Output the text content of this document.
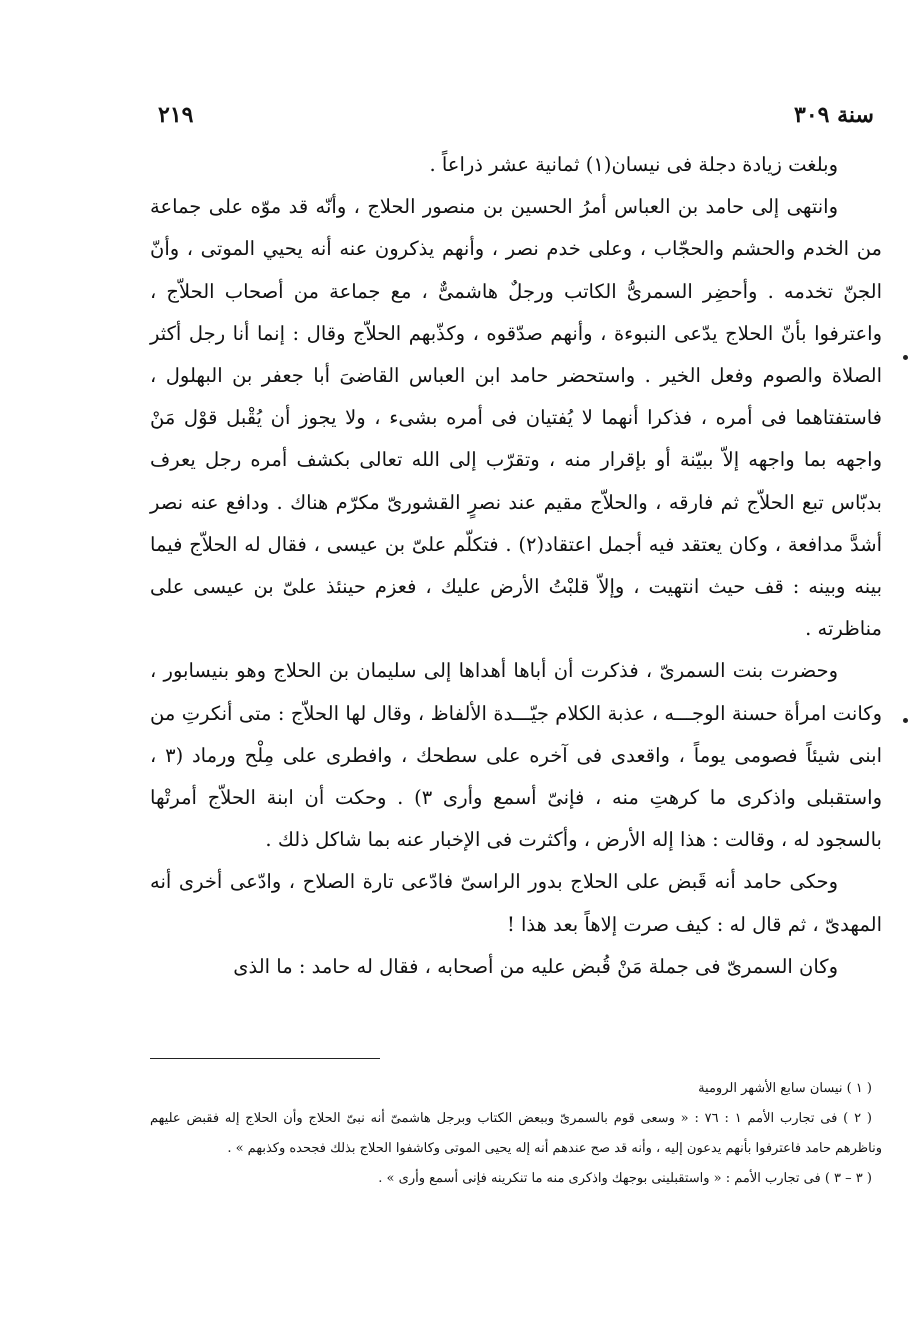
سنة ٣٠٩
٢١٩

وبلغت زيادة دجلة فى نيسان(١) ثمانية عشر ذراعاً .

وانتهى إلى حامد بن العباس أمرُ الحسين بن منصور الحلاج ، وأنّه قد موّه على جماعة من الخدم والحشم والحجّاب ، وعلى خدم نصر ، وأنهم يذكرون عنه أنه يحيي الموتى ، وأنّ الجنّ تخدمه . وأحضِر السمرىُّ الكاتب ورجلٌ هاشمىٌّ ، مع جماعة من أصحاب الحلاّج ، واعترفوا بأنّ الحلاج يدّعى النبوءة ، وأنهم صدّقوه ، وكذّبهم الحلاّج وقال : إنما أنا رجل أكثر الصلاة والصوم وفعل الخير . واستحضر حامد ابن العباس القاضىَ أبا جعفر بن البهلول ، فاستفتاهما فى أمره ، فذكرا أنهما لا يُفتيان فى أمره بشىء ، ولا يجوز أن يُقْبل قوْل مَنْ واجهه بما واجهه إلاّ ببيّنة أو بإقرار منه ، وتقرّب إلى الله تعالى بكشف أمره رجل يعرف بدبّاس تبع الحلاّج ثم فارقه ، والحلاّج مقيم عند نصرٍ القشورىّ مكرّم هناك . ودافع عنه نصر أشدَّ مدافعة ، وكان يعتقد فيه أجمل اعتقاد(٢) . فتكلّم علىّ بن عيسى ، فقال له الحلاّج فيما بينه وبينه : قف حيث انتهيت ، وإلاّ قلبْتُ الأرض عليك ، فعزم حينئذ علىّ بن عيسى على مناظرته .

وحضرت بنت السمرىّ ، فذكرت أن أباها أهداها إلى سليمان بن الحلاج وهو بنيسابور ، وكانت امرأة حسنة الوجـــه ، عذبة الكلام جيّـــدة الألفاظ ، وقال لها الحلاّج : متى أنكرتِ من ابنى شيئاً فصومى يوماً ، واقعدى فى آخره على سطحك ، وافطرى على مِلْح ورماد (٣ ، واستقبلى واذكرى ما كرهتِ منه ، فإنىّ أسمع وأرى ٣) . وحكت أن ابنة الحلاّج أمرتْها بالسجود له ، وقالت : هذا إله الأرض ، وأكثرت فى الإخبار عنه بما شاكل ذلك .

وحكى حامد أنه قَبض على الحلاج بدور الراسىّ فادّعى تارة الصلاح ، وادّعى أخرى أنه المهدىّ ، ثم قال له : كيف صرت إلاهاً بعد هذا !

وكان السمرىّ فى جملة مَنْ قُبض عليه من أصحابه ، فقال له حامد : ما الذى

( ١ ) نيسان سابع الأشهر الرومية

( ٢ ) فى تجارب الأمم ١ : ٧٦ : « وسعى قوم بالسمرىّ وببعض الكتاب وبرجل هاشمىّ أنه نبىّ الحلاج وأن الحلاج إله فقبض عليهم وناظرهم حامد فاعترفوا بأنهم يدعون إليه ، وأنه قد صح عندهم أنه إله يحيى الموتى وكاشفوا الحلاج بذلك فجحده وكذبهم » .

( ٣ – ٣ ) فى تجارب الأمم : « واستقبلينى بوجهك واذكرى منه ما تنكرينه فإنى أسمع وأرى » .
